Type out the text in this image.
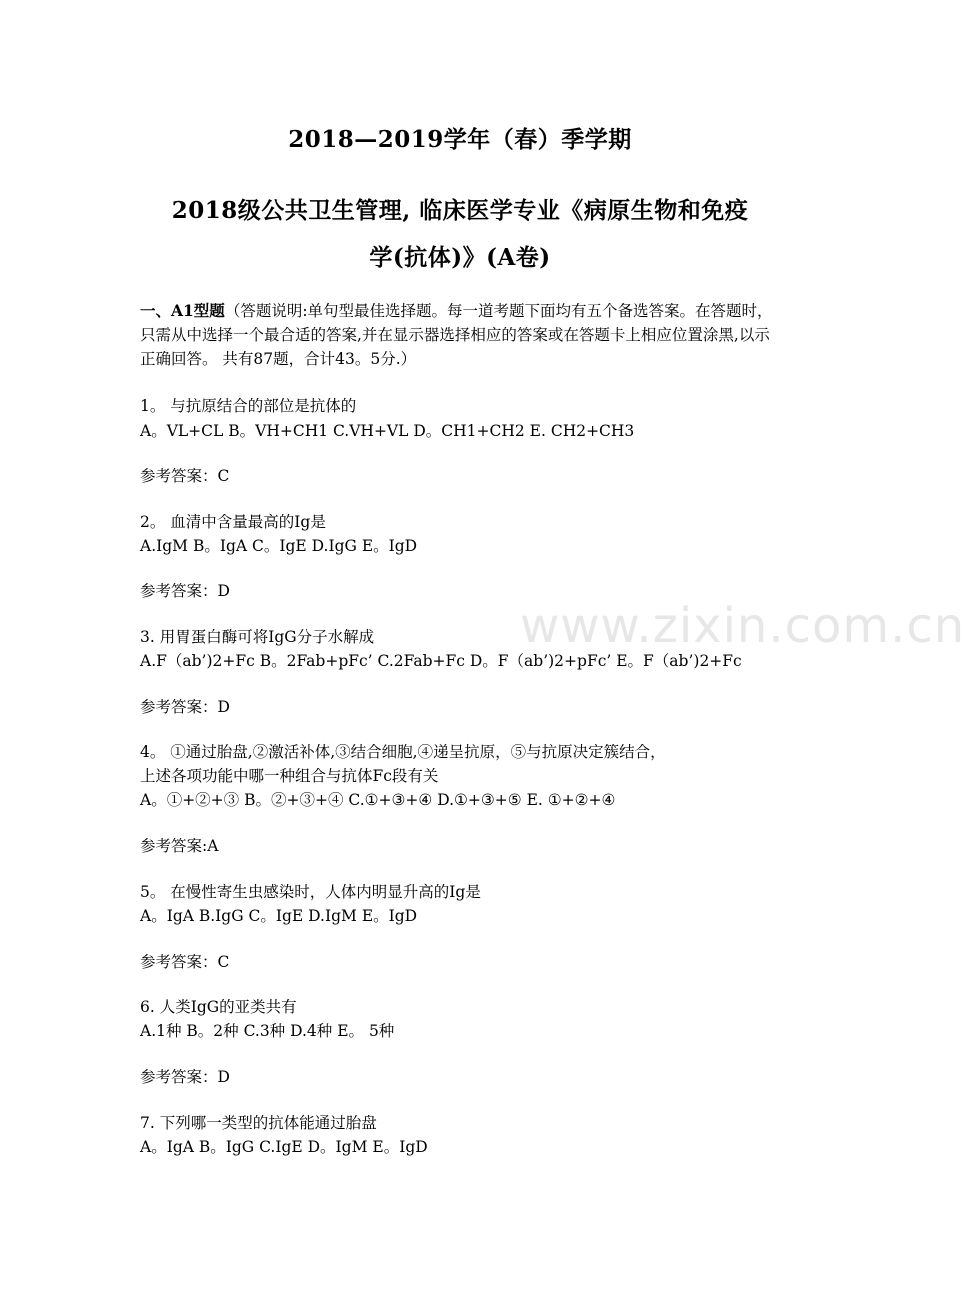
2018—2019学年（春）季学期
2018级公共卫生管理, 临床医学专业《病原生物和免疫
学(抗体)》(A卷)
一、A1型题（答题说明:单句型最佳选择题。每一道考题下面均有五个备选答案。在答题时，只需从中选择一个最合适的答案,并在显示器选择相应的答案或在答题卡上相应位置涂黑,以示正确回答。 共有87题，合计43。5分.）
www.zixin.com.cn
1。 与抗原结合的部位是抗体的
A。VL+CL B。VH+CH1 C.VH+VL D。CH1+CH2 E. CH2+CH3
参考答案：C
2。 血清中含量最高的Ig是
A.IgM B。IgA C。IgE D.IgG E。IgD
参考答案：D
3. 用胃蛋白酶可将IgG分子水解成
A.F（ab’)2+Fc B。2Fab+pFc’ C.2Fab+Fc D。F（ab’)2+pFc’ E。F（ab’)2+Fc
参考答案：D
4。 ①通过胎盘,②激活补体,③结合细胞,④递呈抗原，⑤与抗原决定簇结合，
上述各项功能中哪一种组合与抗体Fc段有关
A。①+②+③ B。②+③+④ C.①+③+④ D.①+③+⑤ E. ①+②+④
参考答案:A
5。 在慢性寄生虫感染时，人体内明显升高的Ig是
A。IgA B.IgG C。IgE D.IgM E。IgD
参考答案：C
6. 人类IgG的亚类共有
A.1种 B。2种 C.3种 D.4种 E。 5种
参考答案：D
7. 下列哪一类型的抗体能通过胎盘
A。IgA B。IgG C.IgE D。IgM E。IgD
